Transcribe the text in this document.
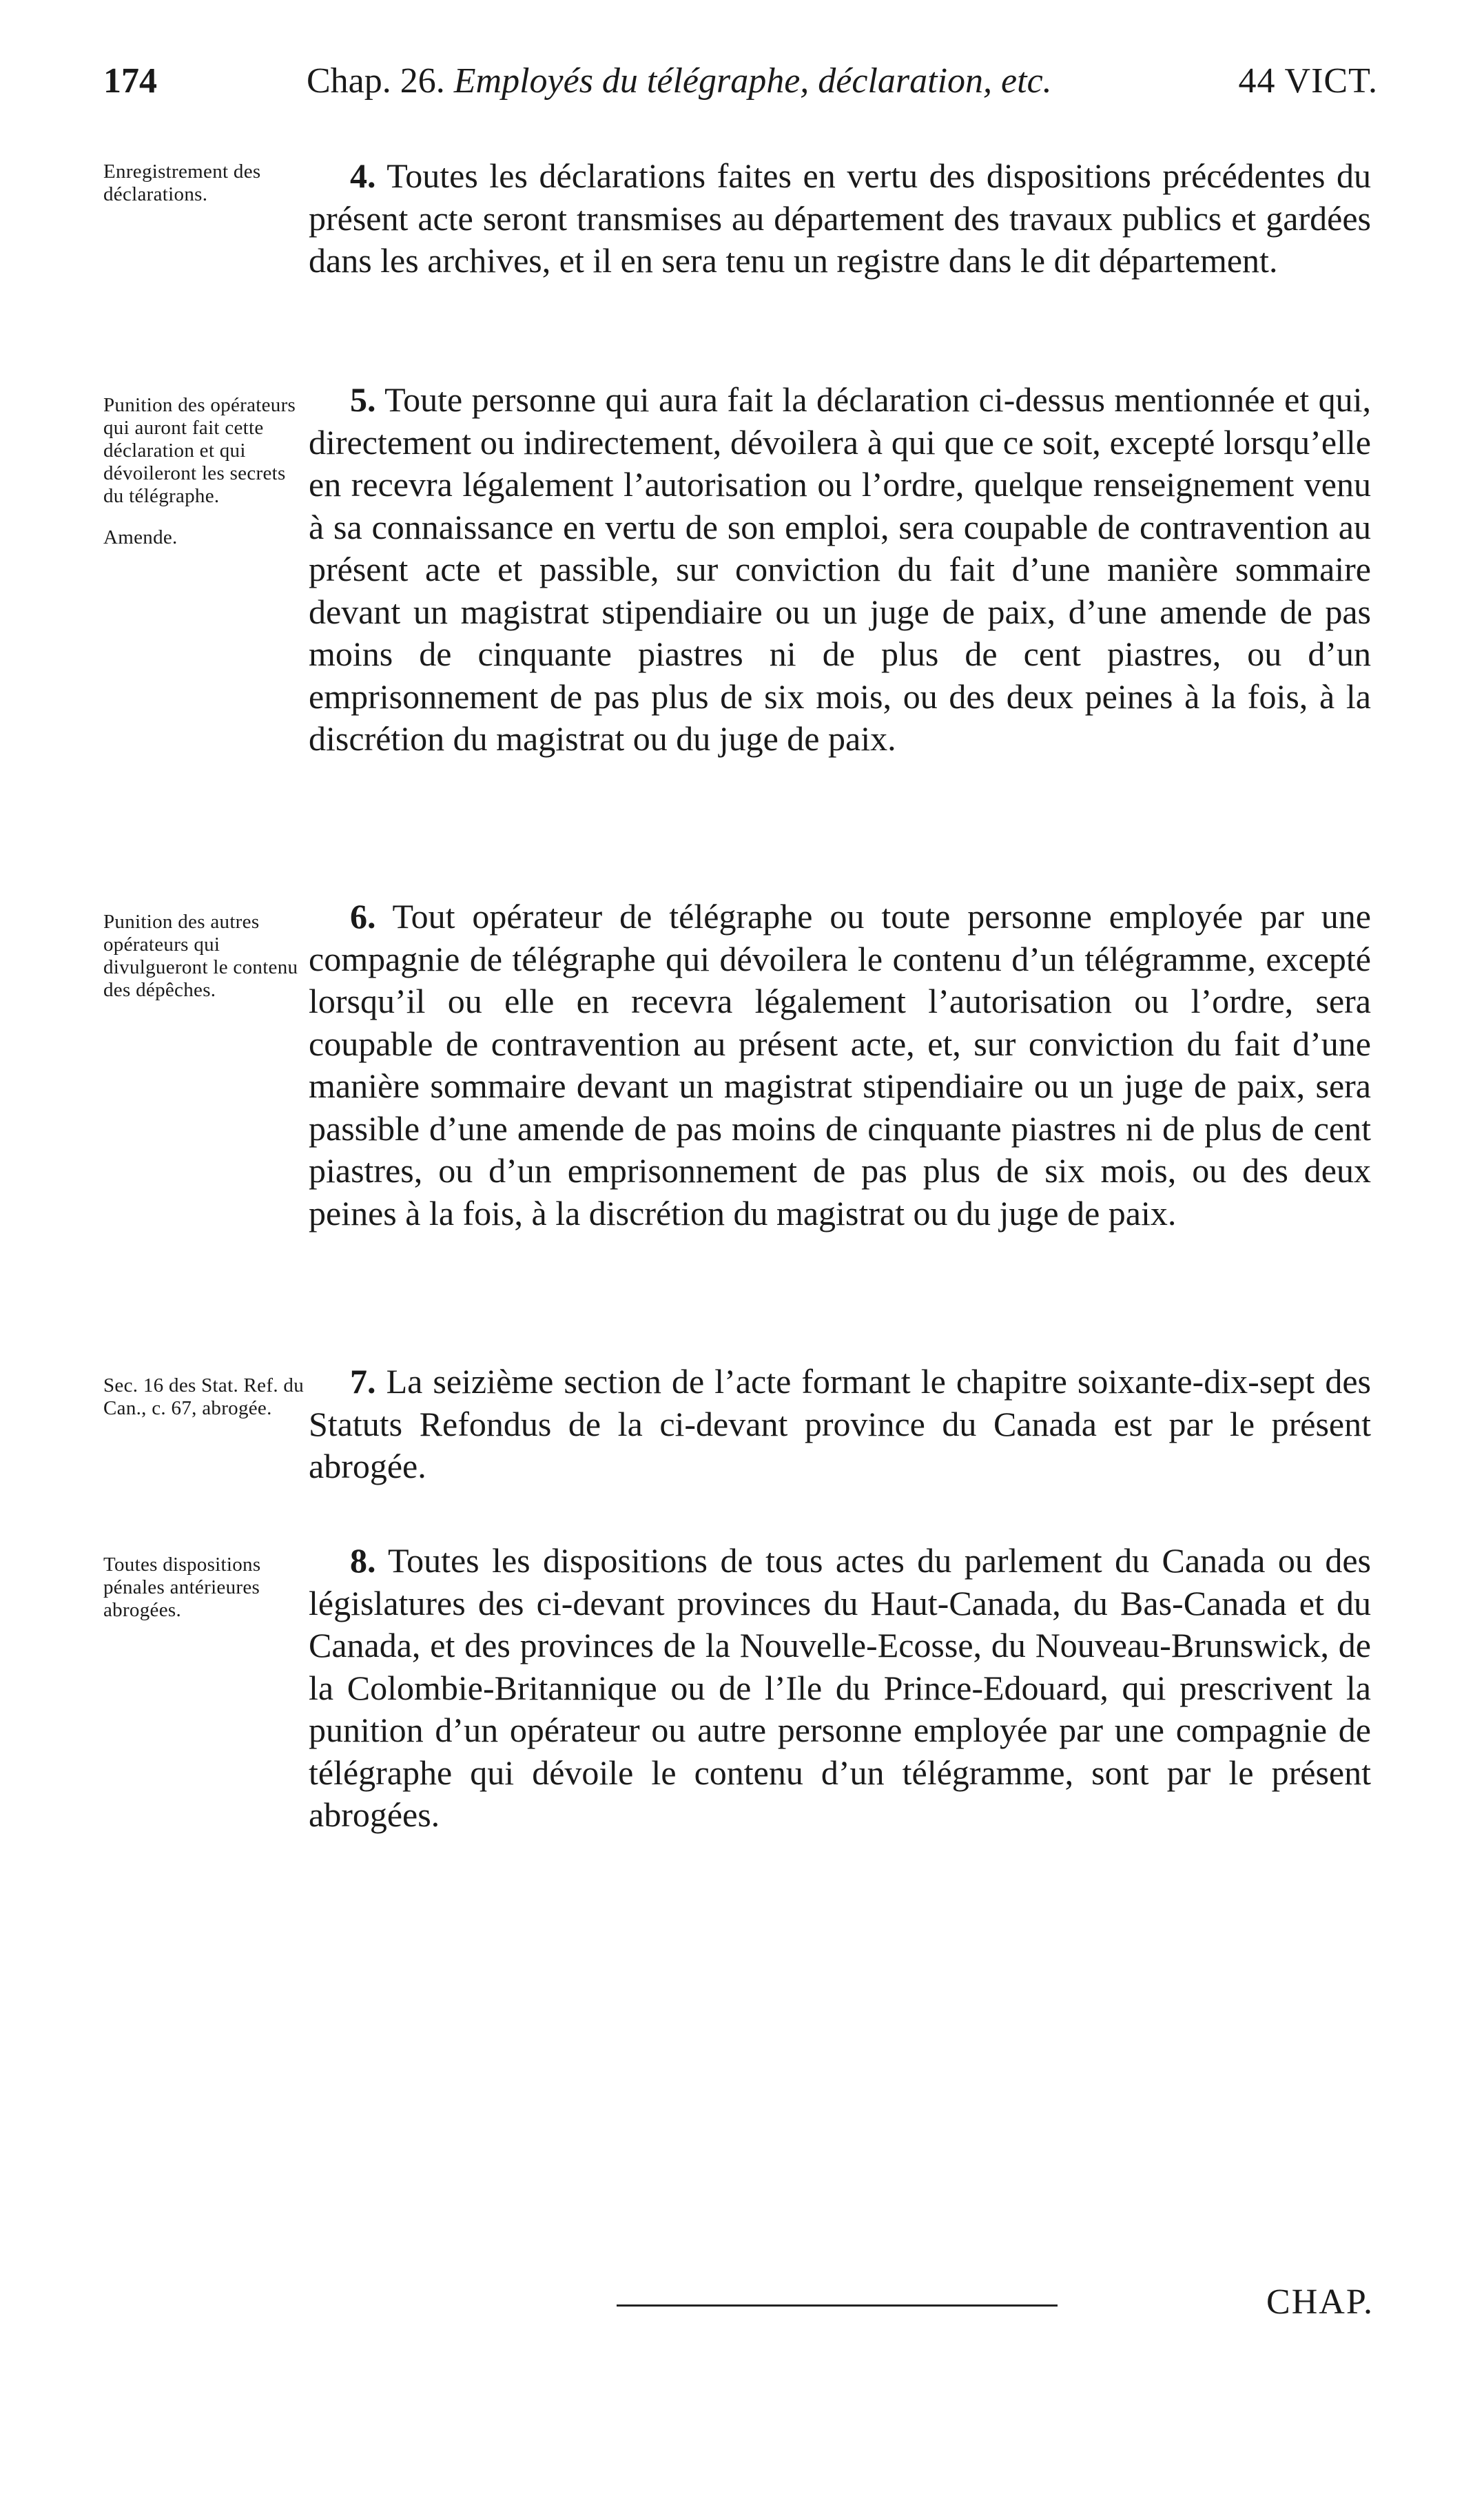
174	Chap. 26. Employés du télégraphe, déclaration, etc.	44 VICT.
Enregistrement des déclarations.	4. Toutes les déclarations faites en vertu des dispositions précédentes du présent acte seront transmises au département des travaux publics et gardées dans les archives, et il en sera tenu un registre dans le dit département.

Punition des opérateurs qui auront fait cette déclaration et qui dévoileront les secrets du télégraphe.
Amende.

5. Toute personne qui aura fait la déclaration ci-dessus mentionnée et qui, directement ou indirectement, dévoilera à qui que ce soit, excepté lorsqu’elle en recevra légalement l’autorisation ou l’ordre, quelque renseignement venu à sa connaissance en vertu de son emploi, sera coupable de contravention au présent acte et passible, sur conviction du fait d’une manière sommaire devant un magistrat stipendiaire ou un juge de paix, d’une amende de pas moins de cinquante piastres ni de plus de cent piastres, ou d’un emprisonnement de pas plus de six mois, ou des deux peines à la fois, à la discrétion du magistrat ou du juge de paix.

Punition des autres opérateurs qui divulgueront le contenu des dépêches.

6. Tout opérateur de télégraphe ou toute personne employée par une compagnie de télégraphe qui dévoilera le contenu d’un télégramme, excepté lorsqu’il ou elle en recevra légalement l’autorisation ou l’ordre, sera coupable de contravention au présent acte, et, sur conviction du fait d’une manière sommaire devant un magistrat stipendiaire ou un juge de paix, sera passible d’une amende de pas moins de cinquante piastres ni de plus de cent piastres, ou d’un emprisonnement de pas plus de six mois, ou des deux peines à la fois, à la discrétion du magistrat ou du juge de paix.

Sec. 16 des Stat. Ref. du Can., c. 67, abrogée.

7. La seizième section de l’acte formant le chapitre soixante-dix-sept des Statuts Refondus de la ci-devant province du Canada est par le présent abrogée.

Toutes dispositions pénales antérieures abrogées.

8. Toutes les dispositions de tous actes du parlement du Canada ou des législatures des ci-devant provinces du Haut-Canada, du Bas-Canada et du Canada, et des provinces de la Nouvelle-Ecosse, du Nouveau-Brunswick, de la Colombie-Britannique ou de l’Ile du Prince-Edouard, qui prescrivent la punition d’un opérateur ou autre personne employée par une compagnie de télégraphe qui dévoile le contenu d’un télégramme, sont par le présent abrogées.

CHAP.
